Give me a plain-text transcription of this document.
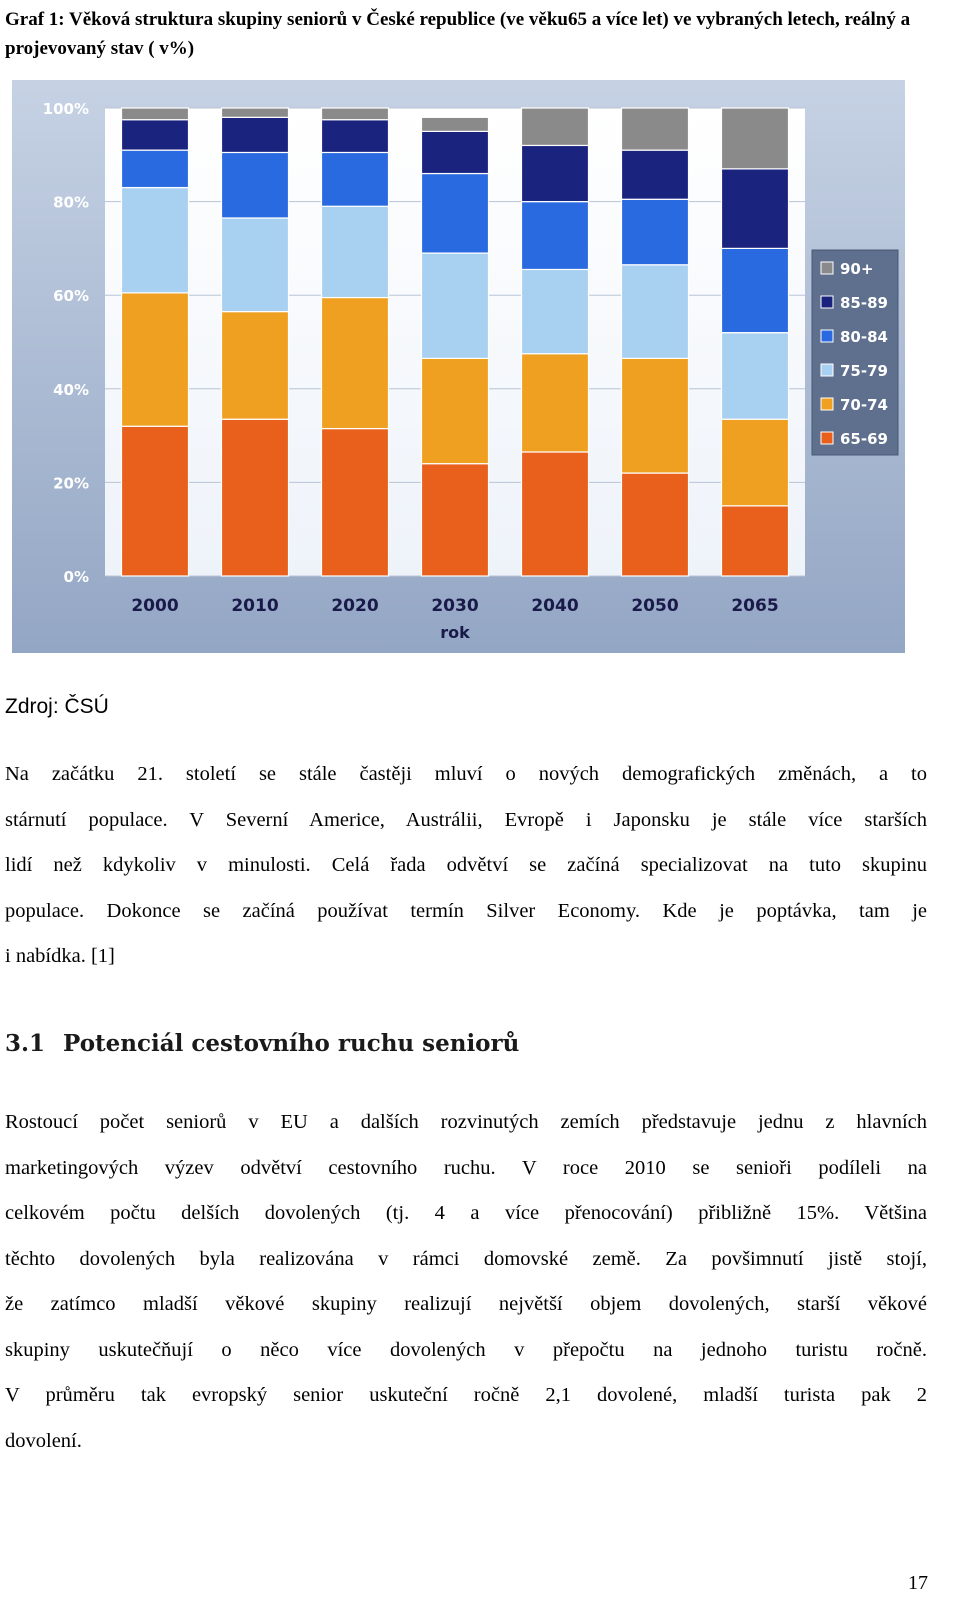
Graf 1: Věková struktura skupiny seniorů v České republice (ve věku65 a více let) ve vybraných letech, reálný a projevovaný stav ( v%)
0%
20%
40%
60%
80%
100%
2000	2010	2020	2030	2040	2050	2065
rok
90+
85-89
80-84
75-79
70-74
65-69
Zdroj: ČSÚ
Na začátku 21. století se stále častěji mluví o nových demografických změnách, a to
stárnutí populace. V Severní Americe, Austrálii, Evropě i Japonsku je stále více starších
lidí než kdykoliv v minulosti. Celá řada odvětví se začíná specializovat na tuto skupinu
populace. Dokonce se začíná používat termín Silver Economy. Kde je poptávka, tam je
i nabídka. [1]
3.1 Potenciál cestovního ruchu seniorů
Rostoucí počet seniorů v EU a dalších rozvinutých zemích představuje jednu z hlavních
marketingových výzev odvětví cestovního ruchu. V roce 2010 se senioři podíleli na
celkovém počtu delších dovolených (tj. 4 a více přenocování) přibližně 15%. Většina
těchto dovolených byla realizována v rámci domovské země. Za povšimnutí jistě stojí,
že zatímco mladší věkové skupiny realizují největší objem dovolených, starší věkové
skupiny uskutečňují o něco více dovolených v přepočtu na jednoho turistu ročně.
V průměru tak evropský senior uskuteční ročně 2,1 dovolené, mladší turista pak 2
dovolení.
17
